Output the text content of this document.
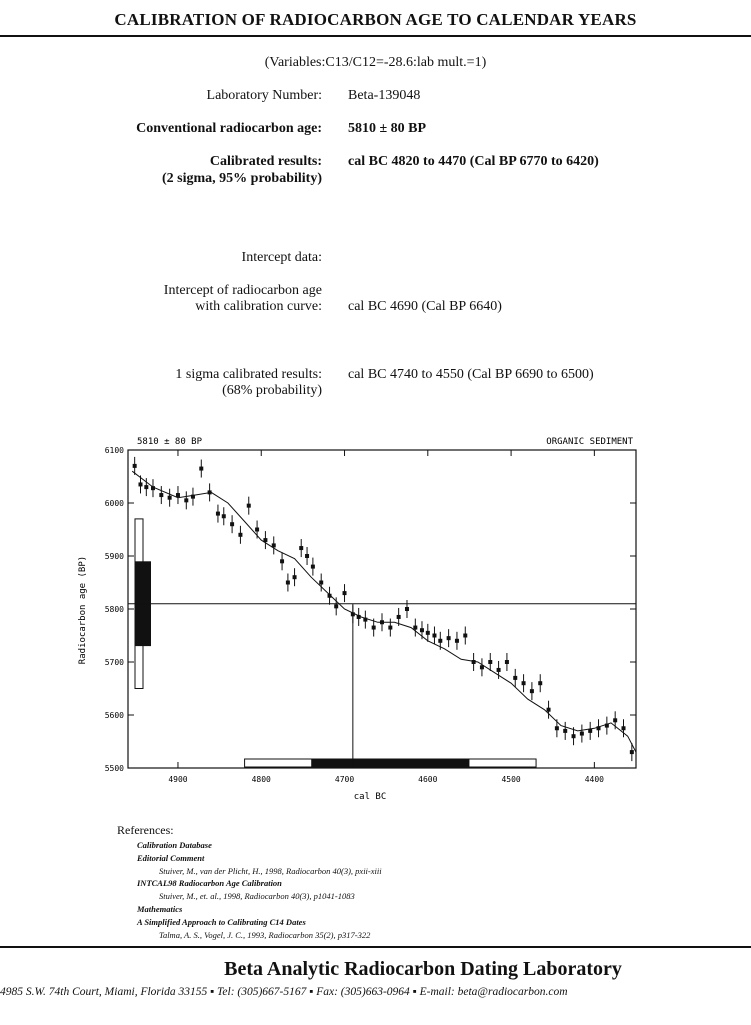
CALIBRATION OF RADIOCARBON AGE TO CALENDAR YEARS
(Variables:C13/C12=-28.6:lab mult.=1)
Laboratory Number: Beta-139048
Conventional radiocarbon age: 5810 ± 80 BP
Calibrated results:
(2 sigma, 95% probability)
cal BC 4820 to 4470 (Cal BP 6770 to 6420)
Intercept data:
Intercept of radiocarbon age
with calibration curve: cal BC 4690 (Cal BP 6640)
1 sigma calibrated results:
(68% probability)
cal BC 4740 to 4550 (Cal BP 6690 to 6500)
5810 ± 80 BP	ORGANIC SEDIMENT
5500
5600
5700
5800
5900
6000
6100
4900	4800	4700	4600	4500	4400
Radiocarbon age (BP)
cal BC
References:
Calibration Database
Editorial Comment
Stuiver, M., van der Plicht, H., 1998, Radiocarbon 40(3), pxii-xiii
INTCAL98 Radiocarbon Age Calibration
Stuiver, M., et. al., 1998, Radiocarbon 40(3), p1041-1083
Mathematics
A Simplified Approach to Calibrating C14 Dates
Talma, A. S., Vogel, J. C., 1993, Radiocarbon 35(2), p317-322
Beta Analytic Radiocarbon Dating Laboratory
4985 S.W. 74th Court, Miami, Florida 33155 ▪ Tel: (305)667-5167 ▪ Fax: (305)663-0964 ▪ E-mail: beta@radiocarbon.com
